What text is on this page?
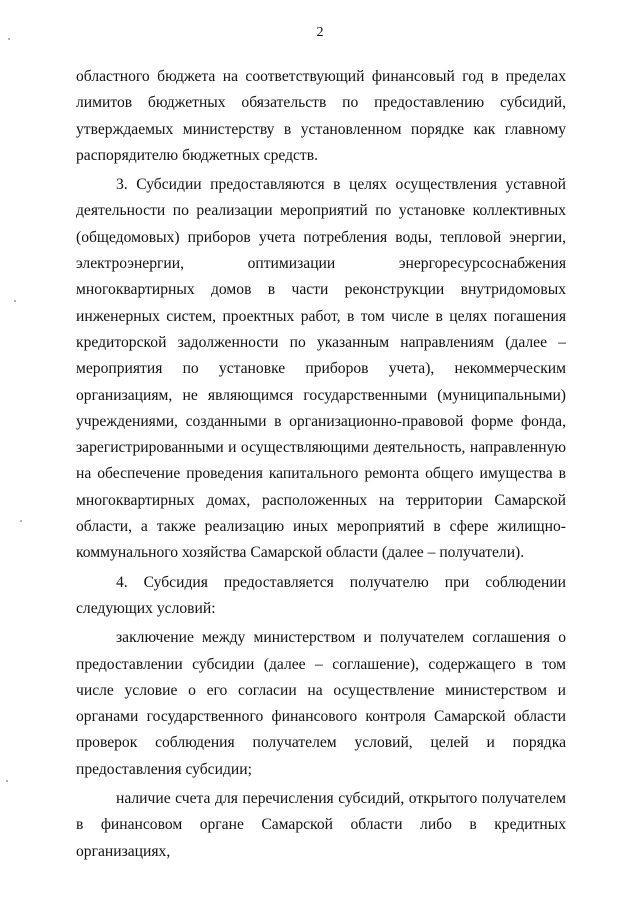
2

областного бюджета на соответствующий финансовый год в пределах лимитов бюджетных обязательств по предоставлению субсидий, утверждаемых министерству в установленном порядке как главному распорядителю бюджетных средств.

3. Субсидии предоставляются в целях осуществления уставной деятельности по реализации мероприятий по установке коллективных (общедомовых) приборов учета потребления воды, тепловой энергии, электроэнергии, оптимизации энергоресурсоснабжения многоквартирных домов в части реконструкции внутридомовых инженерных систем, проектных работ, в том числе в целях погашения кредиторской задолженности по указанным направлениям (далее – мероприятия по установке приборов учета), некоммерческим организациям, не являющимся государственными (муниципальными) учреждениями, созданными в организационно-правовой форме фонда, зарегистрированными и осуществляющими деятельность, направленную на обеспечение проведения капитального ремонта общего имущества в многоквартирных домах, расположенных на территории Самарской области, а также реализацию иных мероприятий в сфере жилищно-коммунального хозяйства Самарской области (далее – получатели).

4. Субсидия предоставляется получателю при соблюдении следующих условий:

заключение между министерством и получателем соглашения о предоставлении субсидии (далее – соглашение), содержащего в том числе условие о его согласии на осуществление министерством и органами государственного финансового контроля Самарской области проверок соблюдения получателем условий, целей и порядка предоставления субсидии;

наличие счета для перечисления субсидий, открытого получателем в финансовом органе Самарской области либо в кредитных организациях,
